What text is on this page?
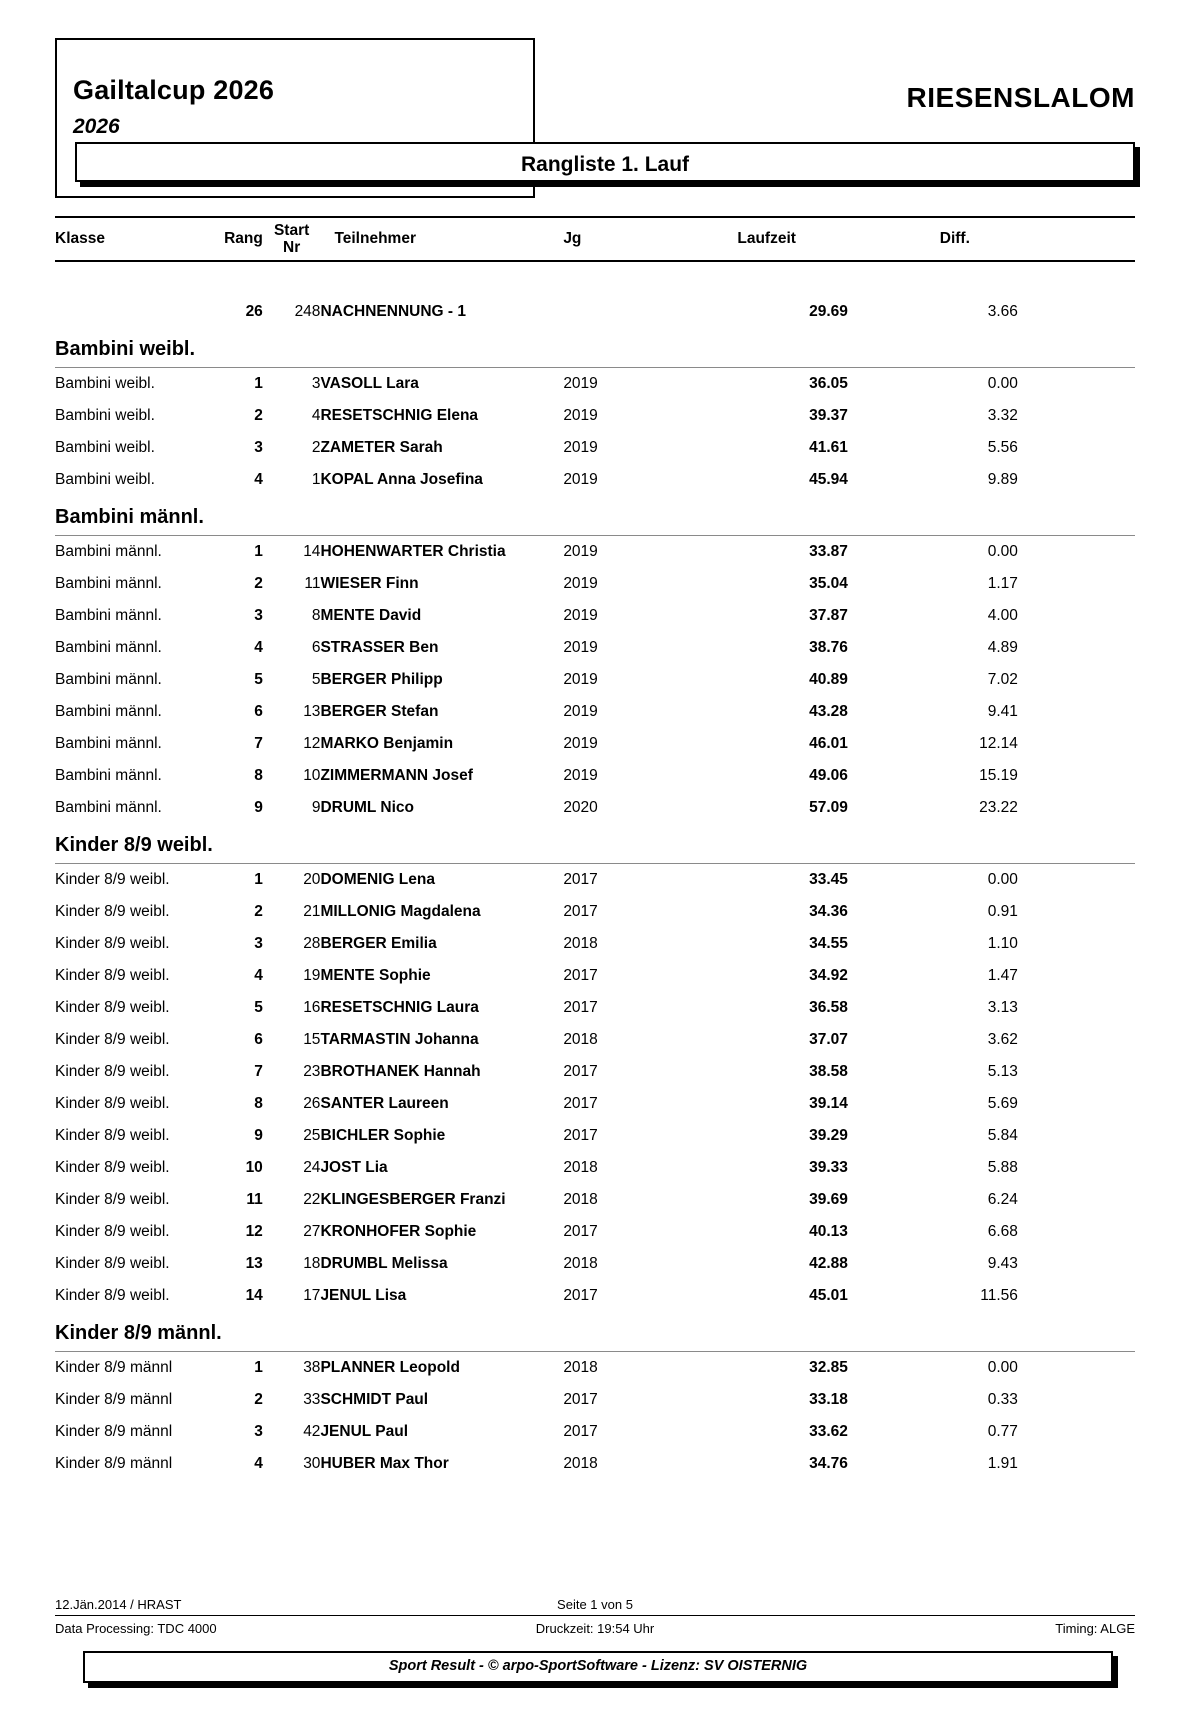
Gailtalcup 2026
2026
RIESENSLALOM
Rangliste 1. Lauf

Klasse	Rang	Start
Nr	Teilnehmer	Jg	Laufzeit	Diff.	

	26	248	NACHNENNUNG - 1		29.69	3.66	
Bambini weibl.							

Bambini weibl.	1	3	VASOLL Lara	2019	36.05	0.00	
Bambini weibl.	2	4	RESETSCHNIG Elena	2019	39.37	3.32	
Bambini weibl.	3	2	ZAMETER Sarah	2019	41.61	5.56	
Bambini weibl.	4	1	KOPAL Anna Josefina	2019	45.94	9.89	
Bambini männl.							

Bambini männl.	1	14	HOHENWARTER Christia	2019	33.87	0.00	
Bambini männl.	2	11	WIESER Finn	2019	35.04	1.17	
Bambini männl.	3	8	MENTE David	2019	37.87	4.00	
Bambini männl.	4	6	STRASSER Ben	2019	38.76	4.89	
Bambini männl.	5	5	BERGER Philipp	2019	40.89	7.02	
Bambini männl.	6	13	BERGER Stefan	2019	43.28	9.41	
Bambini männl.	7	12	MARKO Benjamin	2019	46.01	12.14	
Bambini männl.	8	10	ZIMMERMANN Josef	2019	49.06	15.19	
Bambini männl.	9	9	DRUML Nico	2020	57.09	23.22	
Kinder 8/9 weibl.							

Kinder 8/9 weibl.	1	20	DOMENIG Lena	2017	33.45	0.00	
Kinder 8/9 weibl.	2	21	MILLONIG Magdalena	2017	34.36	0.91	
Kinder 8/9 weibl.	3	28	BERGER Emilia	2018	34.55	1.10	
Kinder 8/9 weibl.	4	19	MENTE Sophie	2017	34.92	1.47	
Kinder 8/9 weibl.	5	16	RESETSCHNIG Laura	2017	36.58	3.13	
Kinder 8/9 weibl.	6	15	TARMASTIN Johanna	2018	37.07	3.62	
Kinder 8/9 weibl.	7	23	BROTHANEK Hannah	2017	38.58	5.13	
Kinder 8/9 weibl.	8	26	SANTER Laureen	2017	39.14	5.69	
Kinder 8/9 weibl.	9	25	BICHLER Sophie	2017	39.29	5.84	
Kinder 8/9 weibl.	10	24	JOST Lia	2018	39.33	5.88	
Kinder 8/9 weibl.	11	22	KLINGESBERGER Franzi	2018	39.69	6.24	
Kinder 8/9 weibl.	12	27	KRONHOFER Sophie	2017	40.13	6.68	
Kinder 8/9 weibl.	13	18	DRUMBL Melissa	2018	42.88	9.43	
Kinder 8/9 weibl.	14	17	JENUL Lisa	2017	45.01	11.56	
Kinder 8/9 männl.							

Kinder 8/9 männl	1	38	PLANNER Leopold	2018	32.85	0.00	
Kinder 8/9 männl	2	33	SCHMIDT Paul	2017	33.18	0.33	
Kinder 8/9 männl	3	42	JENUL Paul	2017	33.62	0.77	
Kinder 8/9 männl	4	30	HUBER Max Thor	2018	34.76	1.91	
12.Jän.2014 / HRAST	Seite 1 von 5
Data Processing: TDC 4000	Druckzeit: 19:54 Uhr	Timing: ALGE
Sport Result - © arpo-SportSoftware - Lizenz: SV OISTERNIG
